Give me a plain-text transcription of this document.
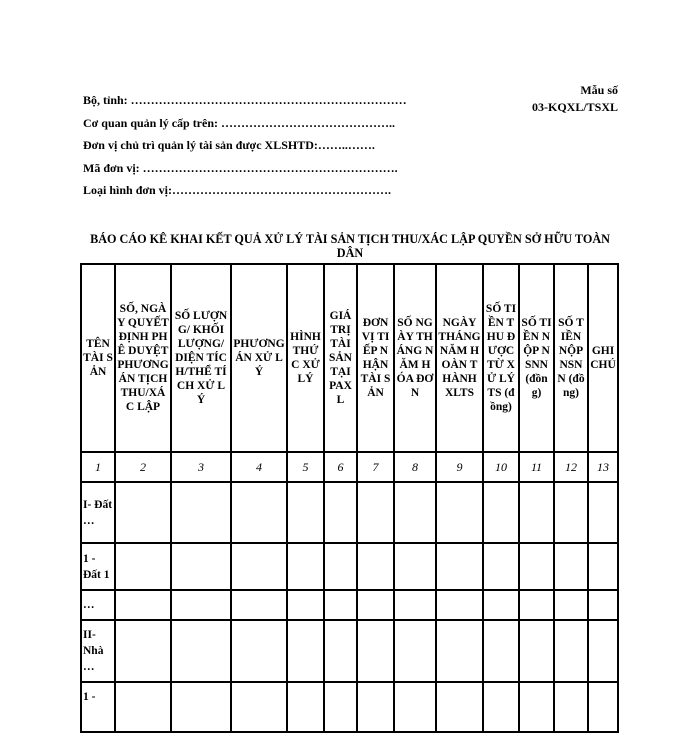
Mẫu số
03-KQXL/TSXL
Bộ, tỉnh: ……………………………………………………………
Cơ quan quản lý cấp trên: ……………………………………..
Đơn vị chủ trì quản lý tài sản được XLSHTD:……..…….
Mã đơn vị: ……………………………………………………….
Loại hình đơn vị:……………………………………………….
BÁO CÁO KÊ KHAI KẾT QUẢ XỬ LÝ TÀI SẢN TỊCH THU/XÁC LẬP QUYỀN SỞ HỮU TOÀN DÂN
TÊN TÀI SẢN	SỐ, NGÀY QUYẾT ĐỊNH PHÊ DUYỆT PHƯƠNG ÁN TỊCH THU/XÁC LẬP	SỐ LƯỢNG/ KHỐI LƯỢNG/ DIỆN TÍCH/THỂ TÍCH XỬ LÝ	PHƯƠNG ÁN XỬ LÝ	HÌNH THỨC XỬ LÝ	GIÁ TRỊ TÀI SẢN TẠI PAXL	ĐƠN VỊ TIẾP NHẬN TÀI SẢN	SỐ NGÀY THÁNG NĂM HÓA ĐƠN	NGÀY THÁNG NĂM HOÀN THÀNH XLTS	SỐ TIỀN THU ĐƯỢC TỪ XỬ LÝ TS (đồng)	SỐ TIỀN NỘP NSNN (đồng)	SỐ TIỀN NỘP NSNN (đồng)	GHI CHÚ
1	2	3	4	5	6	7	8	9	10	11	12	13
I- Đất …												
1 - Đất 1												
…												
II- Nhà …												
1 -												
